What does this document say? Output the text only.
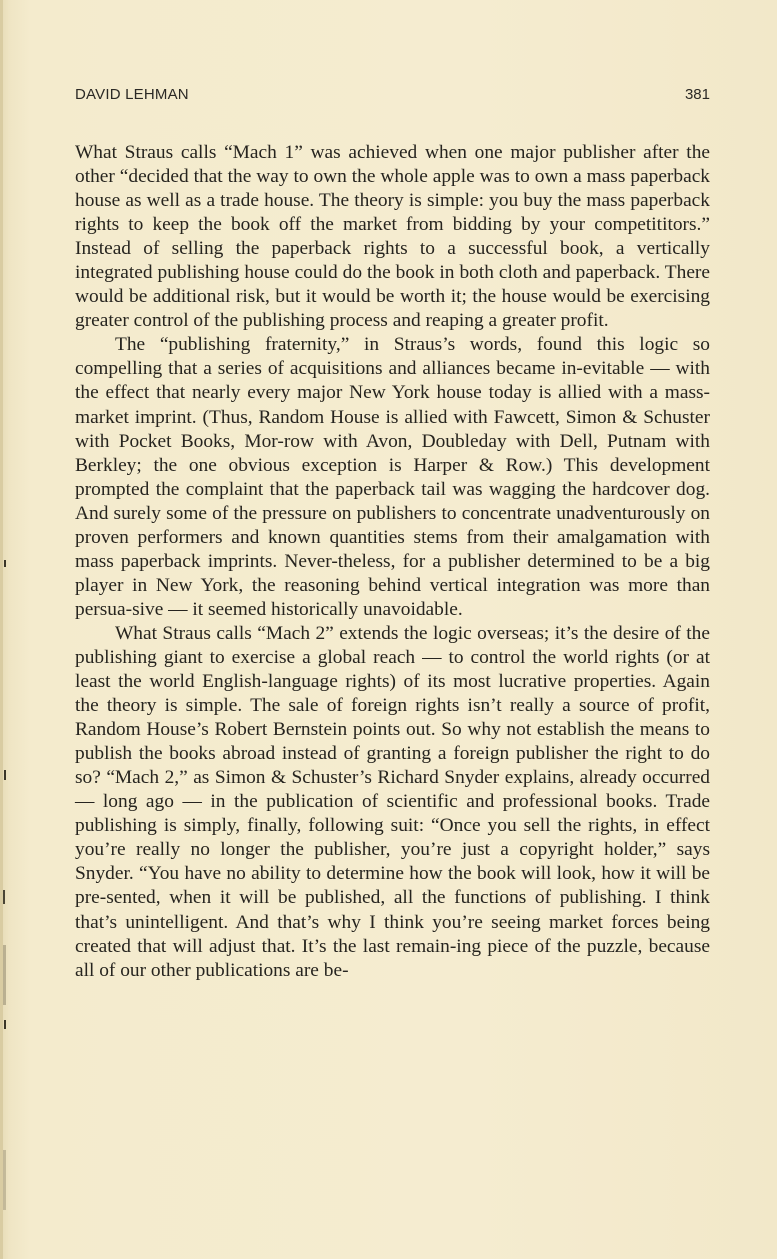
DAVID LEHMAN	381

What Straus calls “Mach 1” was achieved when one major publisher after the other “decided that the way to own the whole apple was to own a mass paperback house as well as a trade house. The theory is simple: you buy the mass paperback rights to keep the book off the market from bidding by your competititors.” Instead of selling the paperback rights to a successful book, a vertically integrated publishing house could do the book in both cloth and paperback. There would be additional risk, but it would be worth it; the house would be exercising greater control of the publishing process and reaping a greater profit.

The “publishing fraternity,” in Straus’s words, found this logic so compelling that a series of acquisitions and alliances became in-evitable — with the effect that nearly every major New York house today is allied with a mass-market imprint. (Thus, Random House is allied with Fawcett, Simon & Schuster with Pocket Books, Mor-row with Avon, Doubleday with Dell, Putnam with Berkley; the one obvious exception is Harper & Row.) This development prompted the complaint that the paperback tail was wagging the hardcover dog. And surely some of the pressure on publishers to concentrate unadventurously on proven performers and known quantities stems from their amalgamation with mass paperback imprints. Never-theless, for a publisher determined to be a big player in New York, the reasoning behind vertical integration was more than persua-sive — it seemed historically unavoidable.

What Straus calls “Mach 2” extends the logic overseas; it’s the desire of the publishing giant to exercise a global reach — to control the world rights (or at least the world English-language rights) of its most lucrative properties. Again the theory is simple. The sale of foreign rights isn’t really a source of profit, Random House’s Robert Bernstein points out. So why not establish the means to publish the books abroad instead of granting a foreign publisher the right to do so? “Mach 2,” as Simon & Schuster’s Richard Snyder explains, already occurred — long ago — in the publication of scientific and professional books. Trade publishing is simply, finally, following suit: “Once you sell the rights, in effect you’re really no longer the publisher, you’re just a copyright holder,” says Snyder. “You have no ability to determine how the book will look, how it will be pre-sented, when it will be published, all the functions of publishing. I think that’s unintelligent. And that’s why I think you’re seeing market forces being created that will adjust that. It’s the last remain-ing piece of the puzzle, because all of our other publications are be-
